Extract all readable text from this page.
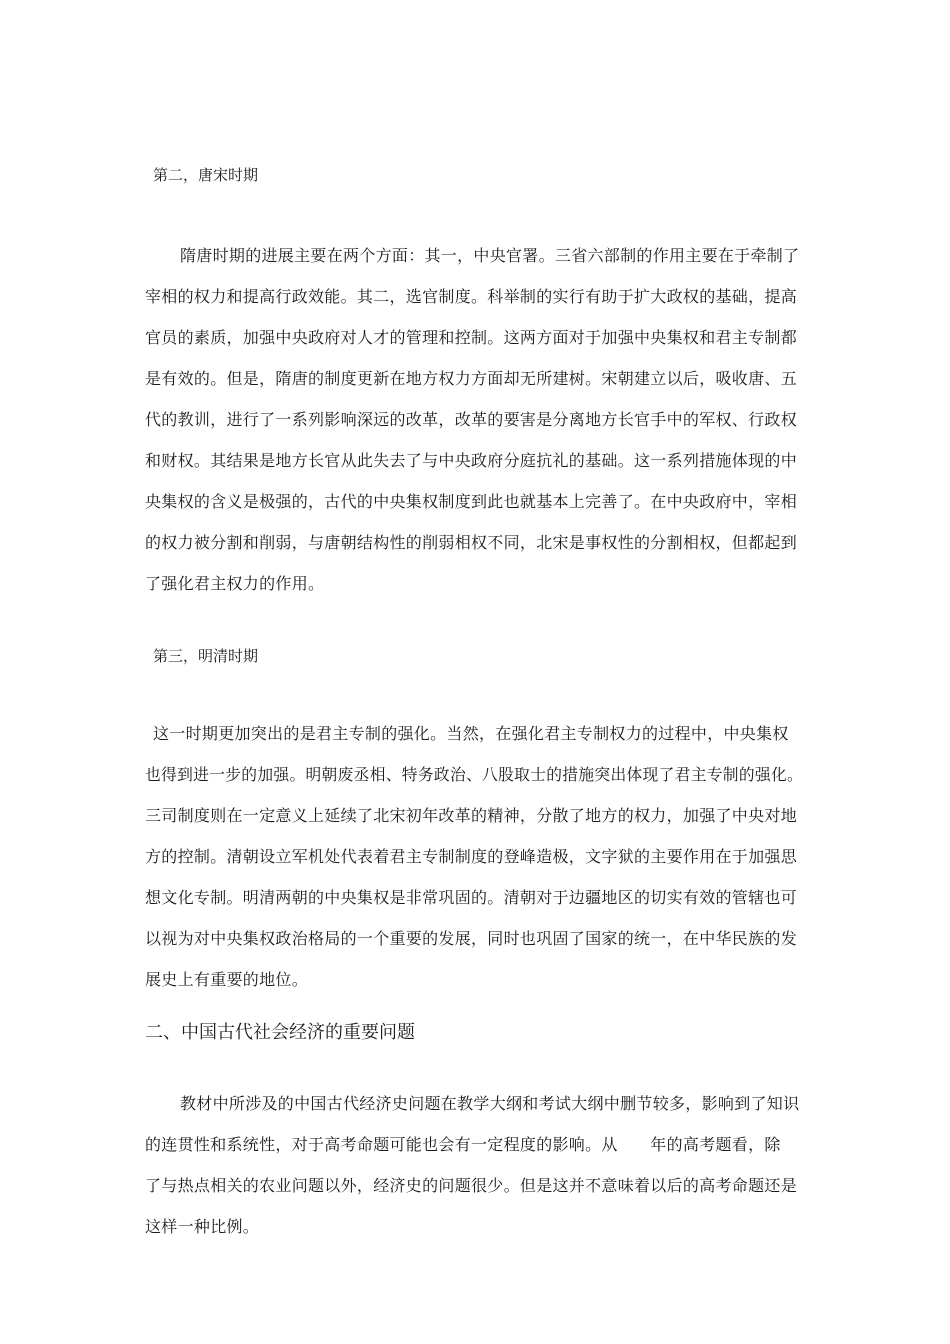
第二，唐宋时期
隋唐时期的进展主要在两个方面：其一，中央官署。三省六部制的作用主要在于牵制了
宰相的权力和提高行政效能。其二，选官制度。科举制的实行有助于扩大政权的基础，提高
官员的素质，加强中央政府对人才的管理和控制。这两方面对于加强中央集权和君主专制都
是有效的。但是，隋唐的制度更新在地方权力方面却无所建树。宋朝建立以后，吸收唐、五
代的教训，进行了一系列影响深远的改革，改革的要害是分离地方长官手中的军权、行政权
和财权。其结果是地方长官从此失去了与中央政府分庭抗礼的基础。这一系列措施体现的中
央集权的含义是极强的，古代的中央集权制度到此也就基本上完善了。在中央政府中，宰相
的权力被分割和削弱，与唐朝结构性的削弱相权不同，北宋是事权性的分割相权，但都起到
了强化君主权力的作用。
第三，明清时期
这一时期更加突出的是君主专制的强化。当然，在强化君主专制权力的过程中，中央集权
也得到进一步的加强。明朝废丞相、特务政治、八股取士的措施突出体现了君主专制的强化。
三司制度则在一定意义上延续了北宋初年改革的精神，分散了地方的权力，加强了中央对地
方的控制。清朝设立军机处代表着君主专制制度的登峰造极，文字狱的主要作用在于加强思
想文化专制。明清两朝的中央集权是非常巩固的。清朝对于边疆地区的切实有效的管辖也可
以视为对中央集权政治格局的一个重要的发展，同时也巩固了国家的统一，在中华民族的发
展史上有重要的地位。
二、中国古代社会经济的重要问题
教材中所涉及的中国古代经济史问题在教学大纲和考试大纲中删节较多，影响到了知识
的连贯性和系统性，对于高考命题可能也会有一定程度的影响。从　　年的高考题看，除
了与热点相关的农业问题以外，经济史的问题很少。但是这并不意味着以后的高考命题还是
这样一种比例。
